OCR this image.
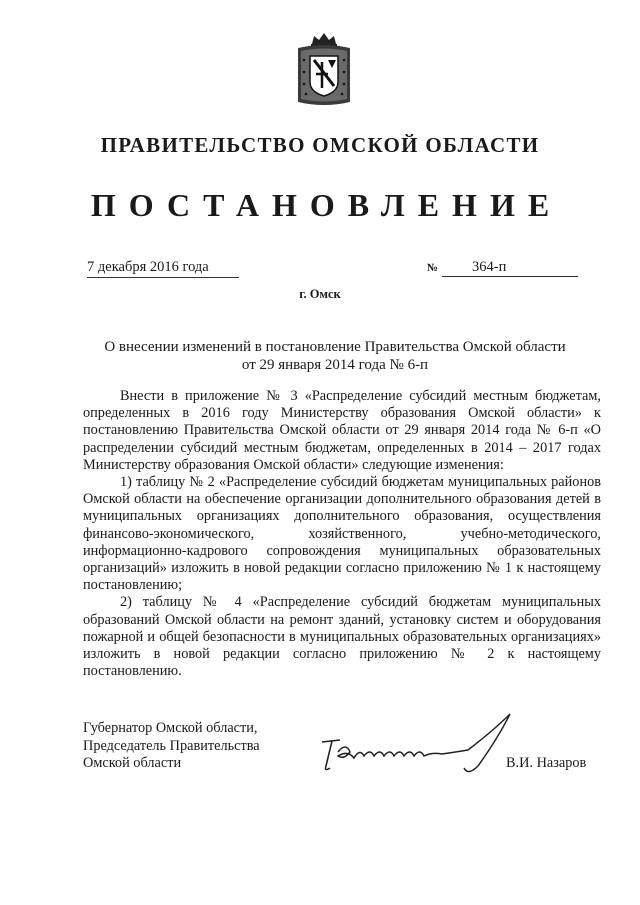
ПРАВИТЕЛЬСТВО ОМСКОЙ ОБЛАСТИ
ПОСТАНОВЛЕНИЕ
7 декабря 2016 года	№	364-п
г. Омск
О внесении изменений в постановление Правительства Омской области
от 29 января 2014 года № 6-п

Внести в приложение № 3 «Распределение субсидий местным бюджетам, определенных в 2016 году Министерству образования Омской области» к постановлению Правительства Омской области от 29 января 2014 года № 6-п «О распределении субсидий местным бюджетам, определенных в 2014 – 2017 годах Министерству образования Омской области» следующие изменения:

1) таблицу № 2 «Распределение субсидий бюджетам муниципальных районов Омской области на обеспечение организации дополнительного образования детей в муниципальных организациях дополнительного образования, осуществления финансово-экономического, хозяйственного, учебно-методического, информационно-кадрового сопровождения муниципальных образовательных организаций» изложить в новой редакции согласно приложению № 1 к настоящему постановлению;

2) таблицу № 4 «Распределение субсидий бюджетам муниципальных образований Омской области на ремонт зданий, установку систем и оборудования пожарной и общей безопасности в муниципальных образовательных организациях» изложить в новой редакции согласно приложению № 2 к настоящему постановлению.

Губернатор Омской области,
Председатель Правительства
Омской области	В.И. Назаров
